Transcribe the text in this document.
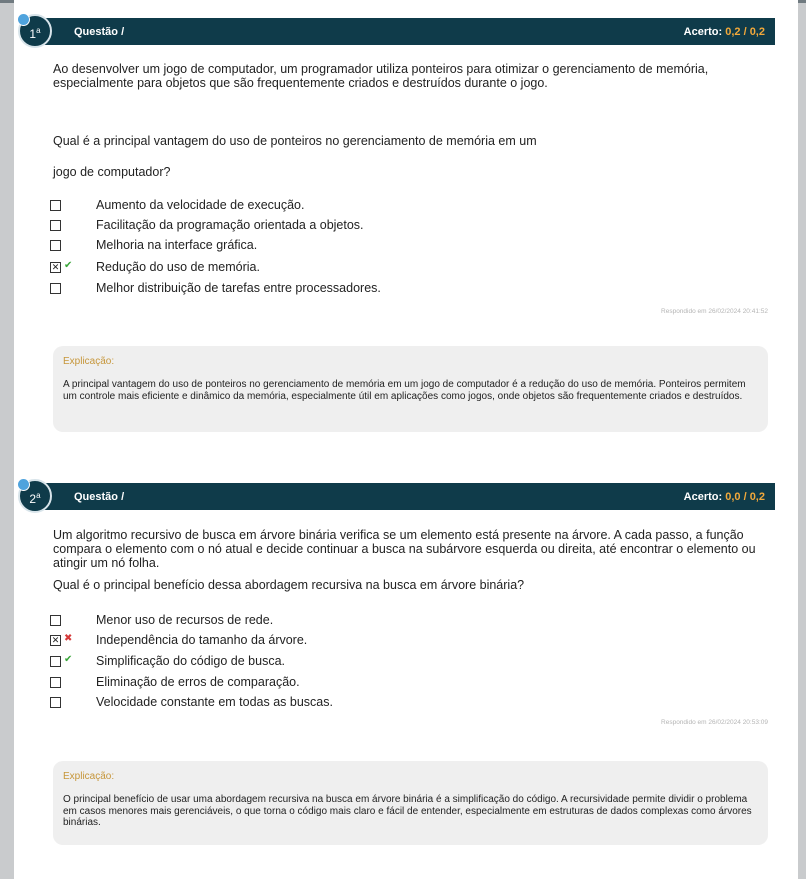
Questão /	Acerto: 0,2 / 0,2
1$^a$
Ao desenvolver um jogo de computador, um programador utiliza ponteiros para otimizar o gerenciamento de memória, especialmente para objetos que são frequentemente criados e destruídos durante o jogo.
Qual é a principal vantagem do uso de ponteiros no gerenciamento de memória em um
jogo de computador?
Aumento da velocidade de execução.
Facilitação da programação orientada a objetos.
Melhoria na interface gráfica.
✕ ✔ Redução do uso de memória.
Melhor distribuição de tarefas entre processadores.
Respondido em 26/02/2024 20:41:52
Explicação:
A principal vantagem do uso de ponteiros no gerenciamento de memória em um jogo de computador é a redução do uso de memória. Ponteiros permitem um controle mais eficiente e dinâmico da memória, especialmente útil em aplicações como jogos, onde objetos são frequentemente criados e destruídos.
Questão /	Acerto: 0,0 / 0,2
2$^a$
Um algoritmo recursivo de busca em árvore binária verifica se um elemento está presente na árvore. A cada passo, a função compara o elemento com o nó atual e decide continuar a busca na subárvore esquerda ou direita, até encontrar o elemento ou atingir um nó folha.
Qual é o principal benefício dessa abordagem recursiva na busca em árvore binária?
Menor uso de recursos de rede.
✕ ✖ Independência do tamanho da árvore.
✔ Simplificação do código de busca.
Eliminação de erros de comparação.
Velocidade constante em todas as buscas.
Respondido em 26/02/2024 20:53:09
Explicação:
O principal benefício de usar uma abordagem recursiva na busca em árvore binária é a simplificação do código. A recursividade permite dividir o problema em casos menores mais gerenciáveis, o que torna o código mais claro e fácil de entender, especialmente em estruturas de dados complexas como árvores binárias.
